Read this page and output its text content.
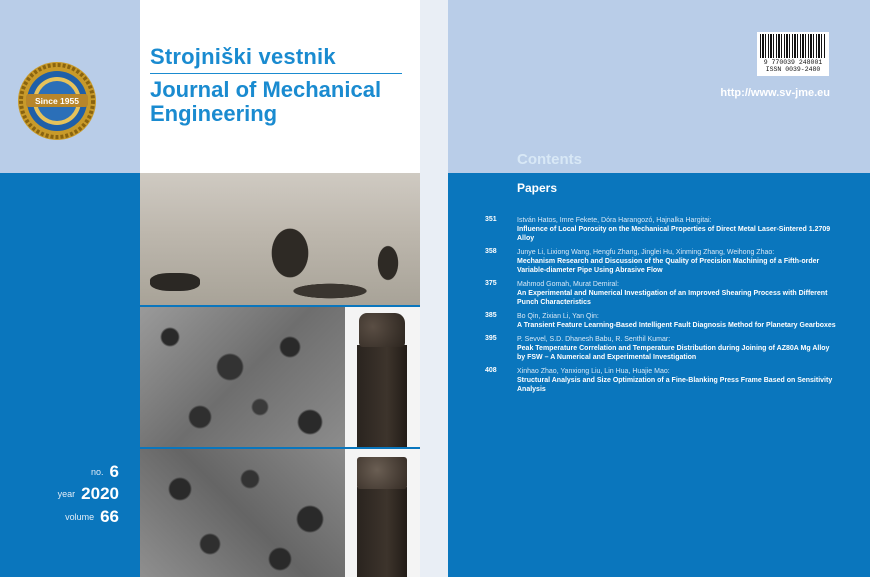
Since 1955
Strojniški vestnik
Journal of Mechanical Engineering
no. 6
year 2020
volume 66
9 770039 248001
ISSN 0039-2480
http://www.sv-jme.eu
Contents
Papers
351	István Hatos, Imre Fekete, Dóra Harangozó, Hajnalka Hargitai:
Influence of Local Porosity on the Mechanical Properties of Direct Metal Laser-Sintered 1.2709 Alloy
358	Junye Li, Lixiong Wang, Hengfu Zhang, Jinglei Hu, Xinming Zhang, Weihong Zhao:
Mechanism Research and Discussion of the Quality of Precision Machining of a Fifth-order Variable-diameter Pipe Using Abrasive Flow
375	Mahmod Gomah, Murat Demiral:
An Experimental and Numerical Investigation of an Improved Shearing Process with Different Punch Characteristics
385	Bo Qin, Zixian Li, Yan Qin:
A Transient Feature Learning-Based Intelligent Fault Diagnosis Method for Planetary Gearboxes
395	P. Sevvel, S.D. Dhanesh Babu, R. Senthil Kumar:
Peak Temperature Correlation and Temperature Distribution during Joining of AZ80A Mg Alloy by FSW – A Numerical and Experimental Investigation
408	Xinhao Zhao, Yanxiong Liu, Lin Hua, Huajie Mao:
Structural Analysis and Size Optimization of a Fine-Blanking Press Frame Based on Sensitivity Analysis
